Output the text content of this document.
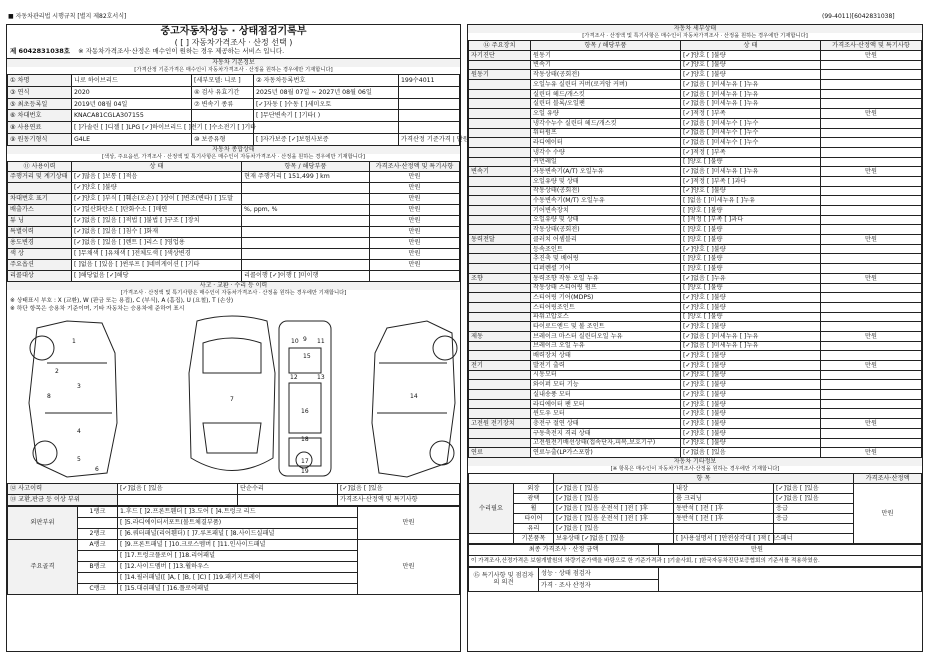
■ 자동차관리법 시행규칙 [별지 제82호서식]	(99-4011)[6042831038]
중고자동차성능 · 상태점검기록부
( [ ] 자동차가격조사 · 산정 선택 )
제 6042831038호 ※ 자동차가격조사·산정은 매수인이 원하는 경우 제공하는 서비스 입니다.
자동차 기본정보
[가격산정 기준가격은 매수인이 자동차가격조사 · 산정을 원하는 경우에만 기재합니다]
① 차명	니로 하이브리드	[세부모델: 니로 ]	② 자동차등록번호	199수4011
③ 연식	2020	④ 검사 유효기간	2025년 08월 07일 ~ 2027년 08월 06일	
⑤ 최초등록일	2019년 08월 04일	⑦ 변속기 종류	[✓]자동 [ ]수동 [ ]세미오토	
⑥ 차대번호	KNACA81CGLA307155		[ ]무단변속기 [ ]기타( )	
⑧ 사용연료	[ ]가솔린 [ ]디젤 [ ]LPG [✓]하이브리드 [ ]전기 [ ]수소전기 [ ]기타			
⑨ 원동기형식	G4LE	⑩ 보증유형	[ ]자가보증 [✓]보험사보증	가격산정 기준가격 | 만원
자동차 종합상태
[색상, 주요옵션, 가격조사 · 산정액 및 특기사항은 매수인이 자동차가격조사 · 산정을 원하는 경우에만 기재합니다]
⑪ 사용이력	상 태	항목 / 해당부품	가격조사·산정액 및 특기사항
주행거리 및 계기상태	[✓]많음 [ ]보통 [ ]적음	현재 주행거리 [ 151,499 ] km	만원
	[✓]양호 [ ]불량		만원
차대번호 표기	[✓]양호 [ ]부식 [ ]훼손(오손) [ ]상이 [ ]변조(변타) [ ]도말		만원
배출가스	[✓]일산화탄소 [ ]탄화수소 [ ]매연	%, ppm, %	만원
튜 닝	[✓]없음 [ ]있음 [ ]적법 [ ]불법 [ ]구조 [ ]장치		만원
특별이력	[✓]없음 [ ]있음 [ ]침수 [ ]화재		만원
용도변경	[✓]없음 [ ]있음 [ ]렌트 [ ]리스 [ ]영업용		만원
색 상	[ ]무채색 [ ]유채색 [ ]전체도색 [ ]색상변경		만원
주요옵션	[ ]없음 [ ]있음 [ ]썬루프 [ ]네비게이션 [ ]기타		만원
리콜대상	[ ]해당없음 [✓]해당	리콜이행 [✓]이행 [ ]미이행	
사고 · 교환 · 수리 등 이력
[가격조사 · 산정액 및 특기사항은 매수인이 자동차가격조사 · 산정을 원하는 경우에만 기재합니다]
※ 상태표시 부호 : X (교환), W (판금 또는 용접), C (부식), A (흠집), U (요철), T (손상)
※ 하단 항목은 승용차 기준이며, 기타 자동차는 승용차에 준하여 표시
1
2
3
4
5
6
7
8
9
10	11
12	13
14
15
16
17
18
19
⑫ 사고이력	[✓]없음 [ ]있음	단순수리	[✓]없음 [ ]있음
⑬ 교환,판금 등 이상 부위			가격조사·산정액 및 특기사항
외판부위	1랭크	1.후드 [ ]2.프론트휀더 [ ]3.도어 [ ]4.트렁크 리드	만원
		[ ]5.라디에이터서포트(볼트체결부품)	
	2랭크	[ ]6.쿼터패널(리어휀더) [ ]7.루프패널 [ ]8.사이드실패널	
주요골격	A랭크	[ ]9.프론트패널 [ ]10.크로스멤버 [ ]11.인사이드패널	만원
		[ ]17.트렁크플로어 [ ]18.리어패널	
	B랭크	[ ]12.사이드멤버 [ ]13.휠하우스	
		[ ]14.필러패널([ ]A, [ ]B, [ ]C) [ ]19.패키지트레이	
	C랭크	[ ]15.대쉬패널 [ ]16.플로어패널	
자동차 세부상태
[가격조사 · 산정액 및 특기사항은 매수인이 자동차가격조사 · 산정을 원하는 경우에만 기재합니다]
⑭ 주요장치	항목 / 해당부품	상 태	가격조사·산정액 및 특기사항
자기진단	원동기	[✓]양호 [ ]불량	만원
	변속기	[✓]양호 [ ]불량	
원동기	작동상태(공회전)	[✓]양호 [ ]불량	
	오일누유 실린더 커버(로커암 커버)	[✓]없음 [ ]미세누유 [ ]누유	
	실린더 헤드/개스킷	[✓]없음 [ ]미세누유 [ ]누유	
	실린더 블록/오일팬	[✓]없음 [ ]미세누유 [ ]누유	
	오일 유량	[✓]적정 [ ]부족	만원
	냉각수누수 실린더 헤드/개스킷	[✓]없음 [ ]미세누수 [ ]누수	
	워터펌프	[✓]없음 [ ]미세누수 [ ]누수	
	라디에이터	[✓]없음 [ ]미세누수 [ ]누수	
	냉각수 수량	[✓]적정 [ ]부족	
	커먼레일	[ ]양호 [ ]불량	
변속기	자동변속기(A/T) 오일누유	[✓]없음 [ ]미세누유 [ ]누유	만원
	오일유량 및 상태	[✓]적정 [ ]부족 [ ]과다	
	작동상태(공회전)	[✓]양호 [ ]불량	
	수동변속기(M/T) 오일누유	[ ]없음 [ ]미세누유 [ ]누유	
	기어변속장치	[ ]양호 [ ]불량	
	오일유량 및 상태	[ ]적정 [ ]부족 [ ]과다	
	작동상태(공회전)	[ ]양호 [ ]불량	
동력전달	클러치 어셈블리	[ ]양호 [ ]불량	만원
	등속조인트	[✓]양호 [ ]불량	
	추진축 및 베어링	[ ]양호 [ ]불량	
	디퍼렌셜 기어	[ ]양호 [ ]불량	
조향	동력조향 작동 오일 누유	[✓]없음 [ ]누유	만원
	작동상태 스티어링 펌프	[ ]양호 [ ]불량	
	스티어링 기어(MDPS)	[✓]양호 [ ]불량	
	스티어링조인트	[✓]양호 [ ]불량	
	파워고압호스	[ ]양호 [ ]불량	
	타이로드엔드 및 볼 조인트	[✓]양호 [ ]불량	
제동	브레이크 마스터 실린더오일 누유	[✓]없음 [ ]미세누유 [ ]누유	만원
	브레이크 오일 누유	[✓]없음 [ ]미세누유 [ ]누유	
	배력장치 상태	[✓]양호 [ ]불량	
전기	발전기 출력	[✓]양호 [ ]불량	만원
	시동모터	[✓]양호 [ ]불량	
	와이퍼 모터 기능	[✓]양호 [ ]불량	
	실내송풍 모터	[✓]양호 [ ]불량	
	라디에이터 팬 모터	[✓]양호 [ ]불량	
	윈도우 모터	[✓]양호 [ ]불량	
고전원 전기장치	충전구 절연 상태	[✓]양호 [ ]불량	만원
	구동축전지 격리 상태	[✓]양호 [ ]불량	
	고전원전기배선상태(접속단자,피복,보호기구)	[✓]양호 [ ]불량	
연료	연료누출(LP가스포함)	[✓]없음 [ ]있음	만원
자동차 기타정보
[※ 항목은 매수인이 자동차가격조사·산정을 원하는 경우에만 기재합니다]
		항 목			가격조사·산정액
수리필요	외장	[✓]없음 [ ]있음	내장	[✓]없음 [ ]있음	만원
	광택	[✓]없음 [ ]있음	룸 크리닝	[✓]없음 [ ]있음	
	휠	[✓]없음 [ ]있음 운전석 [ ]전 [ ]후	동반석 [ ]전 [ ]후	응급	
	타이어	[✓]없음 [ ]있음 운전석 [ ]전 [ ]후	동반석 [ ]전 [ ]후	응급	
	유리	[✓]없음 [ ]있음			
	기본품목	보유상태 [✓]없음 [ ]있음	[ ]사용설명서 [ ]안전삼각대 [ ]잭 [ ]스패너		
최종 가격조사 · 산정 금액	만원
이 가격조사,산정가격은 보험개발원의 차량기준가액을 바탕으로 한 기준가격과 [ ]기술사회, [ ]한국자동차진단보증협회의 기준서를 적용하였음.
⑮ 특기사항 및 점검자의 의견	성능 · 상태 점검자	
가격 · 조사 산정자
